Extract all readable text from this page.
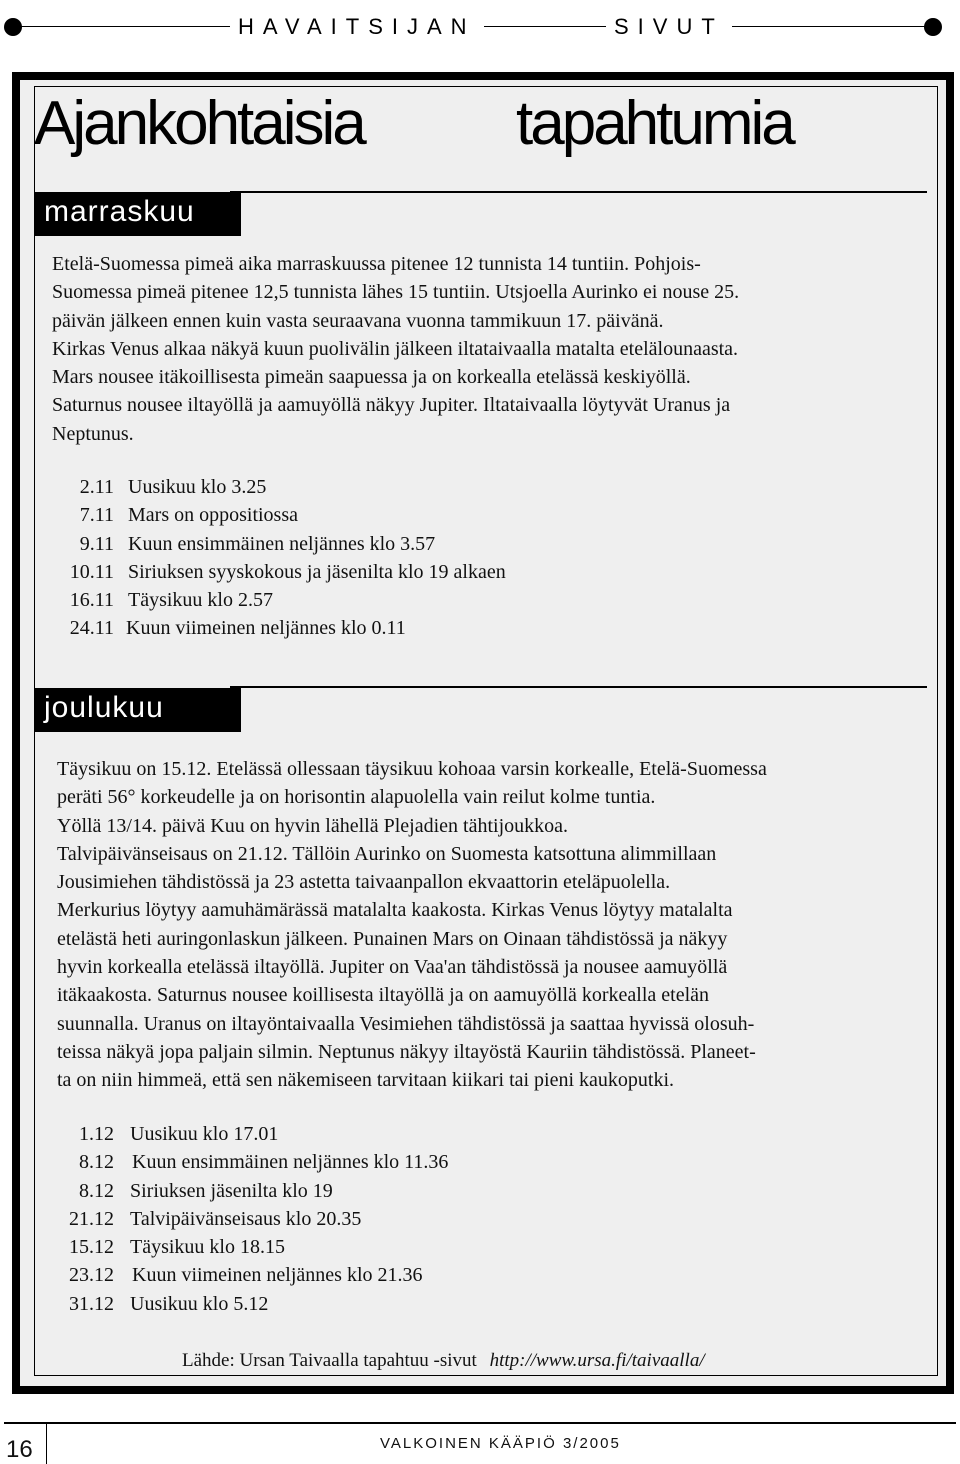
HAVAITSIJAN	SIVUT
Ajankohtaisia tapahtumia
marraskuu

Etelä-Suomessa pimeä aika marraskuussa pitenee 12 tunnista 14 tuntiin. Pohjois-

Suomessa pimeä pitenee 12,5 tunnista lähes 15 tuntiin. Utsjoella Aurinko ei nouse 25.

päivän jälkeen ennen kuin vasta seuraavana vuonna tammikuun 17. päivänä.

Kirkas Venus alkaa näkyä kuun puolivälin jälkeen iltataivaalla matalta etelälounaasta.

Mars nousee itäkoillisesta pimeän saapuessa ja on korkealla etelässä keskiyöllä.

Saturnus nousee iltayöllä ja aamuyöllä näkyy Jupiter. Iltataivaalla löytyvät Uranus ja

Neptunus.

2.11 Uusikuu klo 3.25
7.11 Mars on oppositiossa
9.11 Kuun ensimmäinen neljännes klo 3.57
10.11 Siriuksen syyskokous ja jäsenilta klo 19 alkaen
16.11 Täysikuu klo 2.57
24.11 Kuun viimeinen neljännes klo 0.11
joulukuu

Täysikuu on 15.12. Etelässä ollessaan täysikuu kohoaa varsin korkealle, Etelä-Suomessa

peräti 56° korkeudelle ja on horisontin alapuolella vain reilut kolme tuntia.

Yöllä 13/14. päivä Kuu on hyvin lähellä Plejadien tähtijoukkoa.

Talvipäivänseisaus on 21.12. Tällöin Aurinko on Suomesta katsottuna alimmillaan

Jousimiehen tähdistössä ja 23 astetta taivaanpallon ekvaattorin eteläpuolella.

Merkurius löytyy aamuhämärässä matalalta kaakosta. Kirkas Venus löytyy matalalta

etelästä heti auringonlaskun jälkeen. Punainen Mars on Oinaan tähdistössä ja näkyy

hyvin korkealla etelässä iltayöllä. Jupiter on Vaa'an tähdistössä ja nousee aamuyöllä

itäkaakosta. Saturnus nousee koillisesta iltayöllä ja on aamuyöllä korkealla etelän

suunnalla. Uranus on iltayöntaivaalla Vesimiehen tähdistössä ja saattaa hyvissä olosuh-

teissa näkyä jopa paljain silmin. Neptunus näkyy iltayöstä Kauriin tähdistössä. Planeet-

ta on niin himmeä, että sen näkemiseen tarvitaan kiikari tai pieni kaukoputki.

1.12 Uusikuu klo 17.01
8.12 Kuun ensimmäinen neljännes klo 11.36
8.12 Siriuksen jäsenilta klo 19
21.12 Talvipäivänseisaus klo 20.35
15.12 Täysikuu klo 18.15
23.12 Kuun viimeinen neljännes klo 21.36
31.12 Uusikuu klo 5.12
Lähde: Ursan Taivaalla tapahtuu -sivut http://www.ursa.fi/taivaalla/
16	VALKOINEN KÄÄPIÖ 3/2005
